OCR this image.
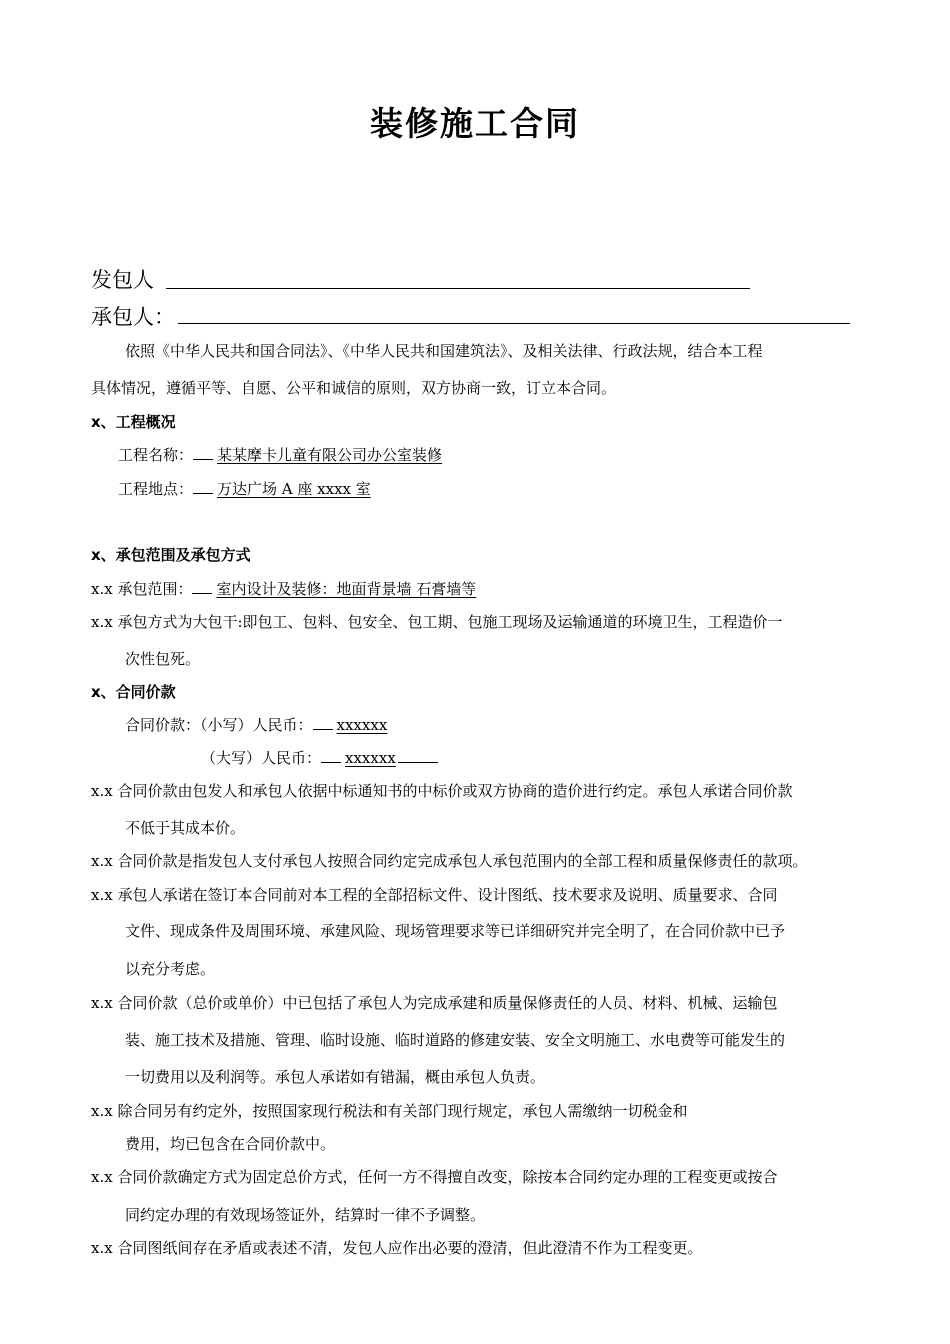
装修施工合同
发包人
承包人：
依照《中华人民共和国合同法》、《中华人民共和国建筑法》、及相关法律、行政法规，结合本工程
具体情况，遵循平等、自愿、公平和诚信的原则，双方协商一致，订立本合同。
x、工程概况
工程名称： 某某摩卡儿童有限公司办公室装修
工程地点： 万达广场 A 座 xxxx 室
x、承包范围及承包方式
x.x 承包范围： 室内设计及装修：地面背景墙 石膏墙等
x.x 承包方式为大包干:即包工、包料、包安全、包工期、包施工现场及运输通道的环境卫生，工程造价一
次性包死。
x、合同价款
合同价款：（小写）人民币： xxxxxx
（大写）人民币： xxxxxx
x.x 合同价款由包发人和承包人依据中标通知书的中标价或双方协商的造价进行约定。承包人承诺合同价款
不低于其成本价。
x.x 合同价款是指发包人支付承包人按照合同约定完成承包人承包范围内的全部工程和质量保修责任的款项。
x.x 承包人承诺在签订本合同前对本工程的全部招标文件、设计图纸、技术要求及说明、质量要求、合同
文件、现成条件及周围环境、承建风险、现场管理要求等已详细研究并完全明了，在合同价款中已予
以充分考虑。
x.x 合同价款（总价或单价）中已包括了承包人为完成承建和质量保修责任的人员、材料、机械、运输包
装、施工技术及措施、管理、临时设施、临时道路的修建安装、安全文明施工、水电费等可能发生的
一切费用以及利润等。承包人承诺如有错漏，概由承包人负责。
x.x 除合同另有约定外，按照国家现行税法和有关部门现行规定，承包人需缴纳一切税金和
费用，均已包含在合同价款中。
x.x 合同价款确定方式为固定总价方式，任何一方不得擅自改变，除按本合同约定办理的工程变更或按合
同约定办理的有效现场签证外，结算时一律不予调整。
x.x 合同图纸间存在矛盾或表述不清，发包人应作出必要的澄清，但此澄清不作为工程变更。
